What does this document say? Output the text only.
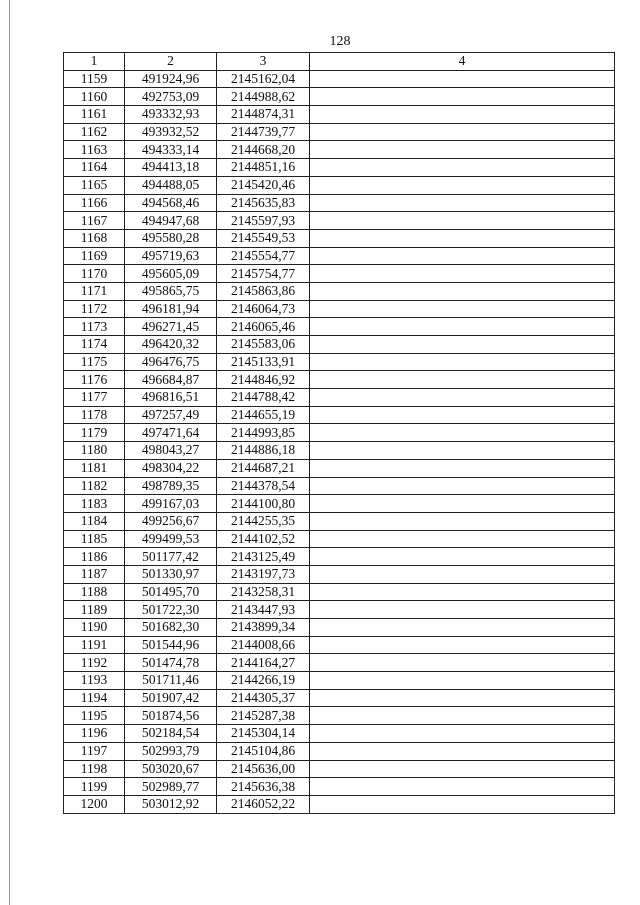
128
1	2	3	4
1159	491924,96	2145162,04	
1160	492753,09	2144988,62	
1161	493332,93	2144874,31	
1162	493932,52	2144739,77	
1163	494333,14	2144668,20	
1164	494413,18	2144851,16	
1165	494488,05	2145420,46	
1166	494568,46	2145635,83	
1167	494947,68	2145597,93	
1168	495580,28	2145549,53	
1169	495719,63	2145554,77	
1170	495605,09	2145754,77	
1171	495865,75	2145863,86	
1172	496181,94	2146064,73	
1173	496271,45	2146065,46	
1174	496420,32	2145583,06	
1175	496476,75	2145133,91	
1176	496684,87	2144846,92	
1177	496816,51	2144788,42	
1178	497257,49	2144655,19	
1179	497471,64	2144993,85	
1180	498043,27	2144886,18	
1181	498304,22	2144687,21	
1182	498789,35	2144378,54	
1183	499167,03	2144100,80	
1184	499256,67	2144255,35	
1185	499499,53	2144102,52	
1186	501177,42	2143125,49	
1187	501330,97	2143197,73	
1188	501495,70	2143258,31	
1189	501722,30	2143447,93	
1190	501682,30	2143899,34	
1191	501544,96	2144008,66	
1192	501474,78	2144164,27	
1193	501711,46	2144266,19	
1194	501907,42	2144305,37	
1195	501874,56	2145287,38	
1196	502184,54	2145304,14	
1197	502993,79	2145104,86	
1198	503020,67	2145636,00	
1199	502989,77	2145636,38	
1200	503012,92	2146052,22	
